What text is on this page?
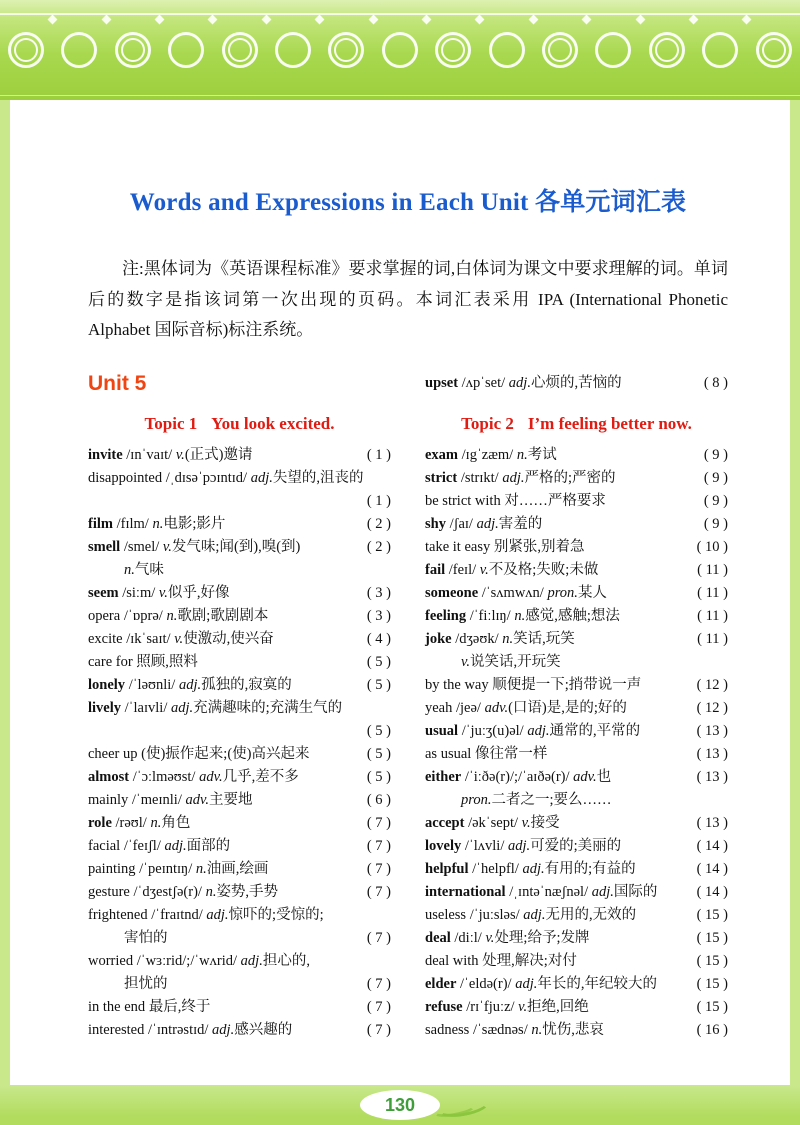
Words and Expressions in Each Unit 各单元词汇表

注:黑体词为《英语课程标准》要求掌握的词,白体词为课文中要求理解的词。单词后的数字是指该词第一次出现的页码。本词汇表采用 IPA (International Phonetic Alphabet 国际音标)标注系统。

Unit 5
Topic 1 You look excited.
invite /ɪnˈvaɪt/ v.(正式)邀请	( 1 )
disappointed /ˌdɪsəˈpɔɪntɪd/ adj.失望的,沮丧的
( 1 )
film /fɪlm/ n.电影;影片	( 2 )
smell /smel/ v.发气味;闻(到),嗅(到)	( 2 )
n.气味
seem /siːm/ v.似乎,好像	( 3 )
opera /ˈɒprə/ n.歌剧;歌剧剧本	( 3 )
excite /ɪkˈsaɪt/ v.使激动,使兴奋	( 4 )
care for 照顾,照料	( 5 )
lonely /ˈləʊnli/ adj.孤独的,寂寞的	( 5 )
lively /ˈlaɪvli/ adj.充满趣味的;充满生气的
( 5 )
cheer up (使)振作起来;(使)高兴起来	( 5 )
almost /ˈɔːlməʊst/ adv.几乎,差不多	( 5 )
mainly /ˈmeɪnli/ adv.主要地	( 6 )
role /rəʊl/ n.角色	( 7 )
facial /ˈfeɪʃl/ adj.面部的	( 7 )
painting /ˈpeɪntɪŋ/ n.油画,绘画	( 7 )
gesture /ˈdʒestʃə(r)/ n.姿势,手势	( 7 )
frightened /ˈfraɪtnd/ adj.惊吓的;受惊的;
害怕的	( 7 )
worried /ˈwɜːrid/;/ˈwʌrid/ adj.担心的,
担忧的	( 7 )
in the end 最后,终于	( 7 )
interested /ˈɪntrəstɪd/ adj.感兴趣的	( 7 )
upset /ʌpˈset/ adj.心烦的,苦恼的	( 8 )
Topic 2 I’m feeling better now.
exam /ɪgˈzæm/ n.考试	( 9 )
strict /strɪkt/ adj.严格的;严密的	( 9 )
be strict with 对……严格要求	( 9 )
shy /ʃaɪ/ adj.害羞的	( 9 )
take it easy 别紧张,别着急	( 10 )
fail /feɪl/ v.不及格;失败;未做	( 11 )
someone /ˈsʌmwʌn/ pron.某人	( 11 )
feeling /ˈfiːlɪŋ/ n.感觉,感触;想法	( 11 )
joke /dʒəʊk/ n.笑话,玩笑	( 11 )
v.说笑话,开玩笑
by the way 顺便提一下;捎带说一声	( 12 )
yeah /jeə/ adv.(口语)是,是的;好的	( 12 )
usual /ˈjuːʒ(u)əl/ adj.通常的,平常的	( 13 )
as usual 像往常一样	( 13 )
either /ˈiːðə(r)/;/ˈaɪðə(r)/ adv.也	( 13 )
pron.二者之一;要么……
accept /əkˈsept/ v.接受	( 13 )
lovely /ˈlʌvli/ adj.可爱的;美丽的	( 14 )
helpful /ˈhelpfl/ adj.有用的;有益的	( 14 )
international /ˌɪntəˈnæʃnəl/ adj.国际的	( 14 )
useless /ˈjuːsləs/ adj.无用的,无效的	( 15 )
deal /diːl/ v.处理;给予;发牌	( 15 )
deal with 处理,解决;对付	( 15 )
elder /ˈeldə(r)/ adj.年长的,年纪较大的	( 15 )
refuse /rɪˈfjuːz/ v.拒绝,回绝	( 15 )
sadness /ˈsædnəs/ n.忧伤,悲哀	( 16 )
130
